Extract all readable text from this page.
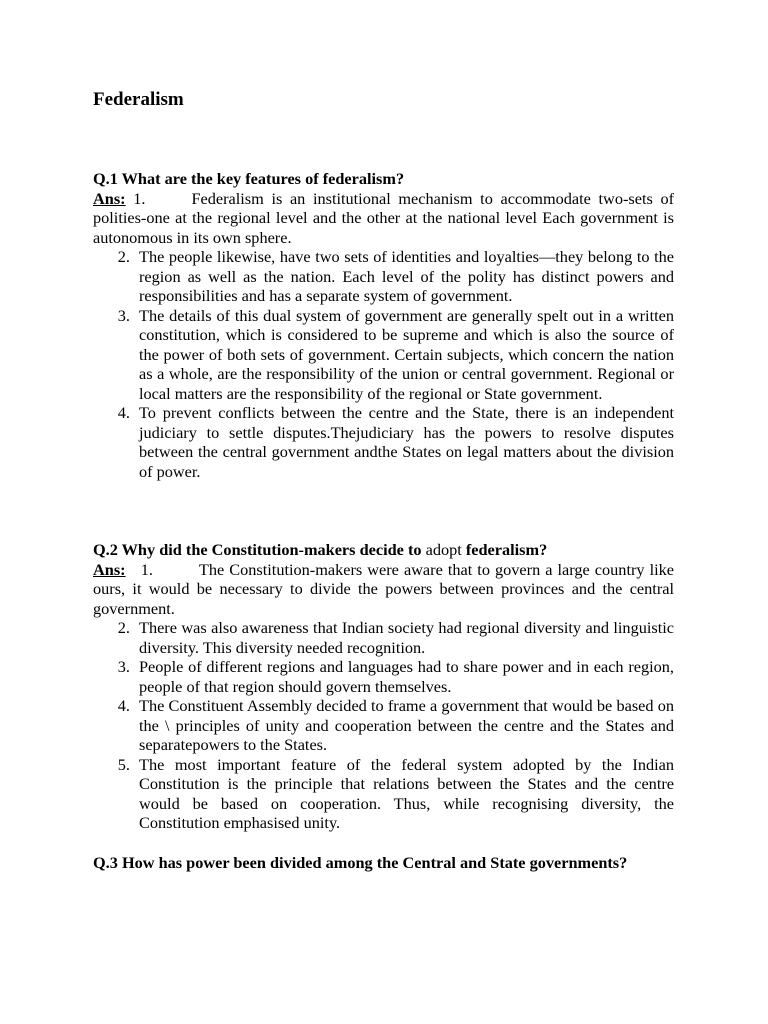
Federalism

Q.1 What are the key features of federalism?

Ans: 1.	Federalism is an institutional mechanism to accommodate two-sets of polities-one at the regional level and the other at the national level Each government is autonomous in its own sphere.

2. The people likewise, have two sets of identities and loyalties—they belong to the region as well as the nation. Each level of the polity has distinct powers and responsibilities and has a separate system of government.
3. The details of this dual system of government are generally spelt out in a written constitution, which is considered to be supreme and which is also the source of the power of both sets of government. Certain subjects, which concern the nation as a whole, are the responsibility of the union or central government. Regional or local matters are the responsibility of the regional or State government.
4. To prevent conflicts between the centre and the State, there is an independent judiciary to settle disputes.Thejudiciary has the powers to resolve disputes between the central government andthe States on legal matters about the division of power.

Q.2 Why did the Constitution-makers decide to adopt federalism?

Ans: 1.	The Constitution-makers were aware that to govern a large country like ours, it would be necessary to divide the powers between provinces and the central government.

2. There was also awareness that Indian society had regional diversity and linguistic diversity. This diversity needed recognition.
3. People of different regions and languages had to share power and in each region, people of that region should govern themselves.
4. The Constituent Assembly decided to frame a government that would be based on the \ principles of unity and cooperation between the centre and the States and separatepowers to the States.
5. The most important feature of the federal system adopted by the Indian Constitution is the principle that relations between the States and the centre would be based on cooperation. Thus, while recognising diversity, the Constitution emphasised unity.

Q.3 How has power been divided among the Central and State governments?
